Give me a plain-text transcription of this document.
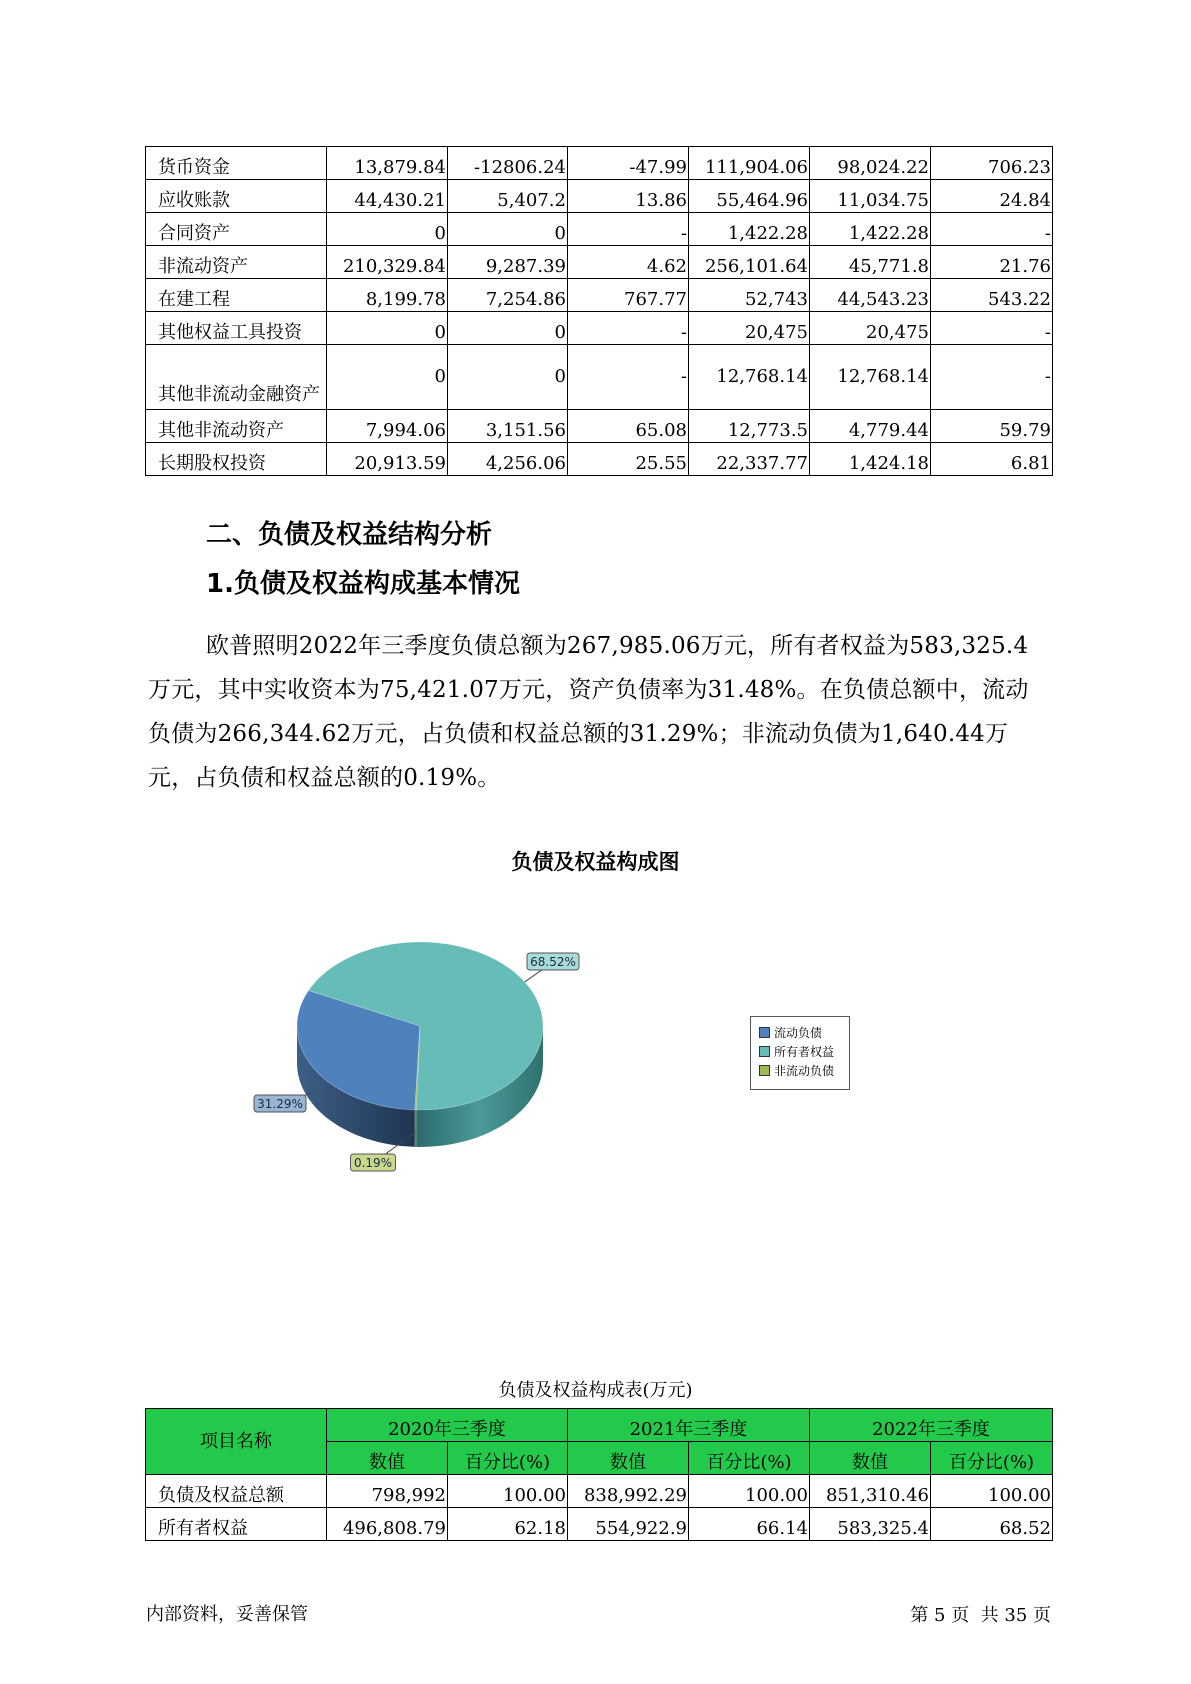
货币资金	13,879.84	-12806.24	-47.99	111,904.06	98,024.22	706.23
应收账款	44,430.21	5,407.2	13.86	55,464.96	11,034.75	24.84
合同资产	0	0	-	1,422.28	1,422.28	-
非流动资产	210,329.84	9,287.39	4.62	256,101.64	45,771.8	21.76
在建工程	8,199.78	7,254.86	767.77	52,743	44,543.23	543.22
其他权益工具投资	0	0	-	20,475	20,475	-
其他非流动金融资产	0	0	-	12,768.14	12,768.14	-
其他非流动资产	7,994.06	3,151.56	65.08	12,773.5	4,779.44	59.79
长期股权投资	20,913.59	4,256.06	25.55	22,337.77	1,424.18	6.81
二、负债及权益结构分析
1.负债及权益构成基本情况
欧普照明2022年三季度负债总额为267,985.06万元，所有者权益为583,325.4万元，其中实收资本为75,421.07万元，资产负债率为31.48%。在负债总额中，流动负债为266,344.62万元，占负债和权益总额的31.29%；非流动负债为1,640.44万元，占负债和权益总额的0.19%。
负债及权益构成图
31.29%
68.52%
0.19%
流动负债
所有者权益
非流动负债
负债及权益构成表(万元)
项目名称	2020年三季度		2021年三季度		2022年三季度	
	数值	百分比(%)	数值	百分比(%)	数值	百分比(%)
负债及权益总额	798,992	100.00	838,992.29	100.00	851,310.46	100.00
所有者权益	496,808.79	62.18	554,922.9	66.14	583,325.4	68.52
内部资料，妥善保管	第 5 页  共 35 页
